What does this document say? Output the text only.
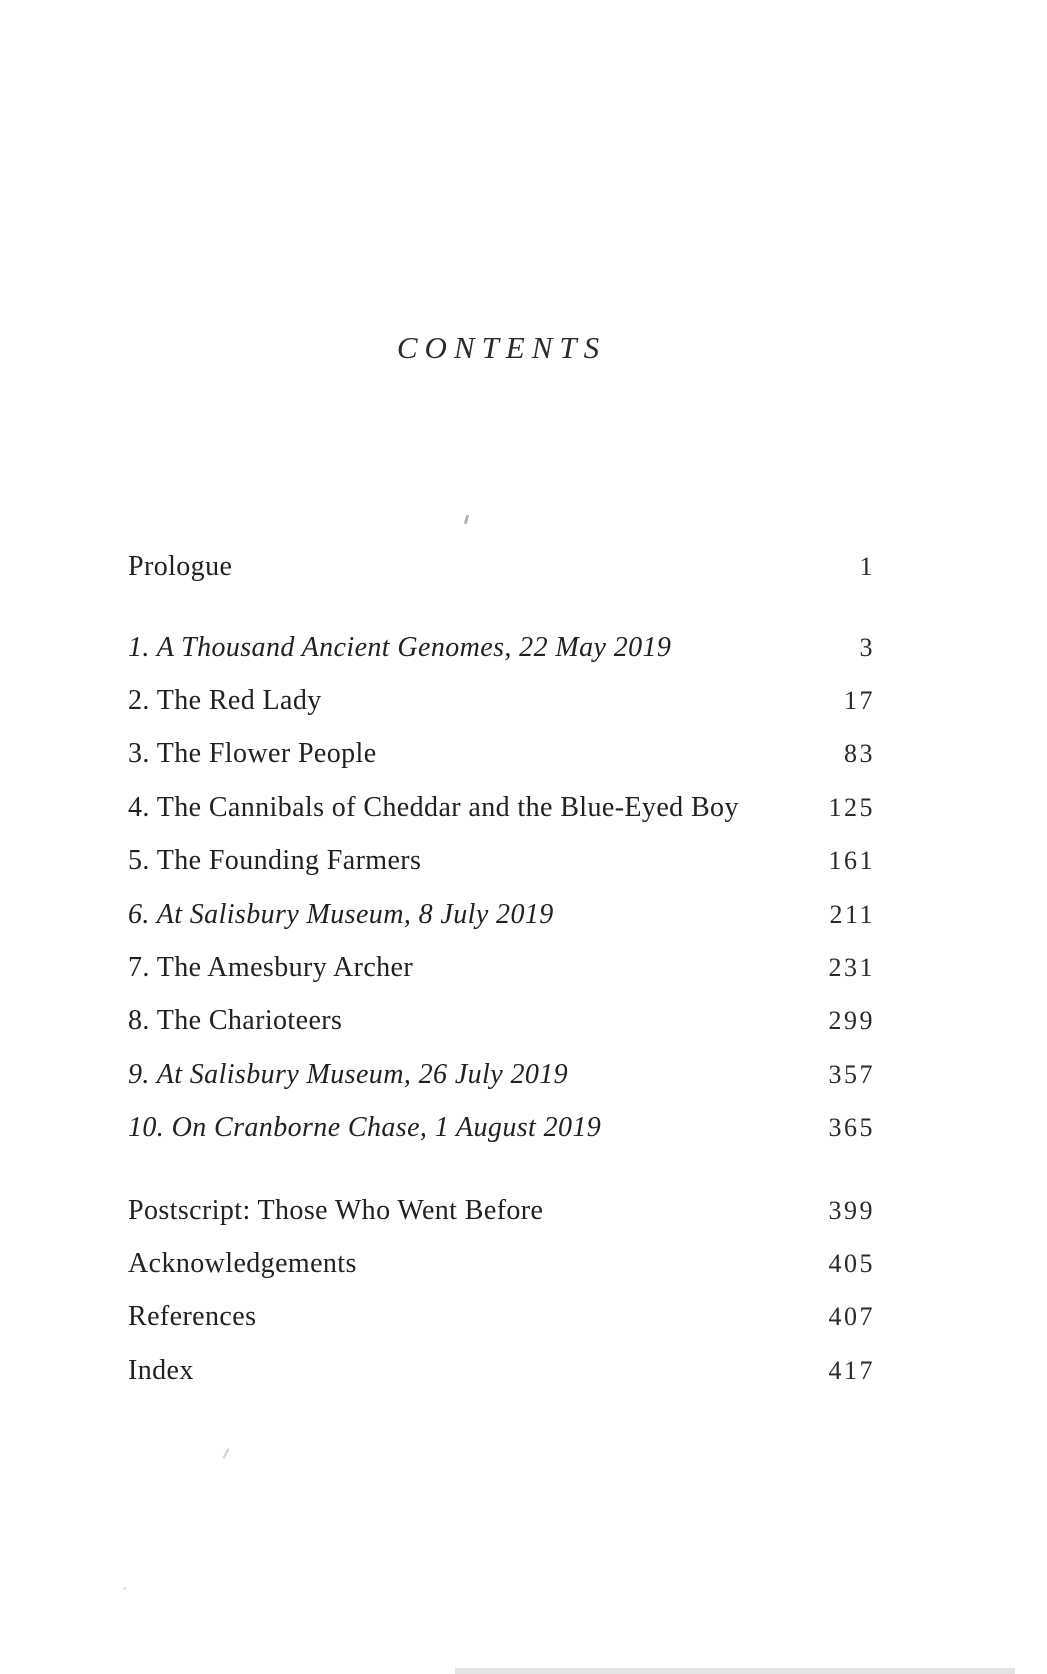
CONTENTS
Prologue	1
1. A Thousand Ancient Genomes, 22 May 2019	3
2. The Red Lady	17
3. The Flower People	83
4. The Cannibals of Cheddar and the Blue-Eyed Boy	125
5. The Founding Farmers	161
6. At Salisbury Museum, 8 July 2019	211
7. The Amesbury Archer	231
8. The Charioteers	299
9. At Salisbury Museum, 26 July 2019	357
10. On Cranborne Chase, 1 August 2019	365
Postscript: Those Who Went Before	399
Acknowledgements	405
References	407
Index	417
